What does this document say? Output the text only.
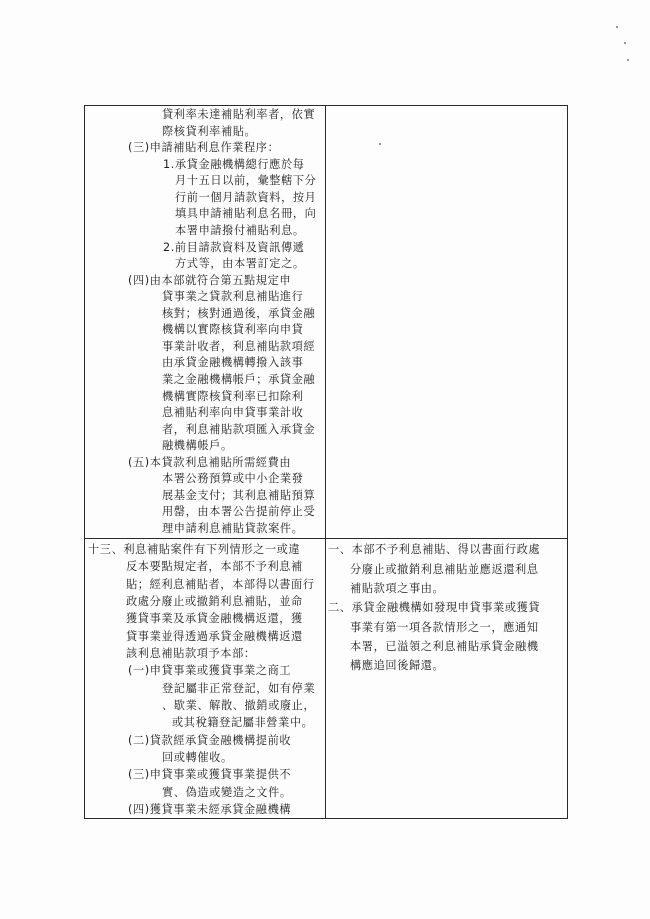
貸利率未達補貼利率者，依實
際核貸利率補貼。
(三)申請補貼利息作業程序：
1.承貸金融機構總行應於每
月十五日以前，彙整轄下分
行前一個月請款資料，按月
填具申請補貼利息名冊，向
本署申請撥付補貼利息。
2.前目請款資料及資訊傳遞
方式等，由本署訂定之。
(四)由本部就符合第五點規定申
貸事業之貸款利息補貼進行
核對；核對通過後，承貸金融
機構以實際核貸利率向申貸
事業計收者，利息補貼款項經
由承貸金融機構轉撥入該事
業之金融機構帳戶；承貸金融
機構實際核貸利率已扣除利
息補貼利率向申貸事業計收
者，利息補貼款項匯入承貸金
融機構帳戶。
(五)本貸款利息補貼所需經費由
本署公務預算或中小企業發
展基金支付；其利息補貼預算
用罄，由本署公告提前停止受
理申請利息補貼貸款案件。
十三、利息補貼案件有下列情形之一或違
反本要點規定者，本部不予利息補
貼；經利息補貼者，本部得以書面行
政處分廢止或撤銷利息補貼，並命
獲貸事業及承貸金融機構返還，獲
貸事業並得透過承貸金融機構返還
該利息補貼款項予本部：
(一)申貸事業或獲貸事業之商工
登記屬非正常登記，如有停業
、歇業、解散、撤銷或廢止，
或其稅籍登記屬非營業中。
(二)貸款經承貸金融機構提前收
回或轉催收。
(三)申貸事業或獲貸事業提供不
實、偽造或變造之文件。
(四)獲貸事業未經承貸金融機構
一、本部不予利息補貼、得以書面行政處
分廢止或撤銷利息補貼並應返還利息
補貼款項之事由。
二、承貸金融機構如發現申貸事業或獲貸
事業有第一項各款情形之一，應通知
本署，已溢領之利息補貼承貸金融機
構應追回後歸還。
